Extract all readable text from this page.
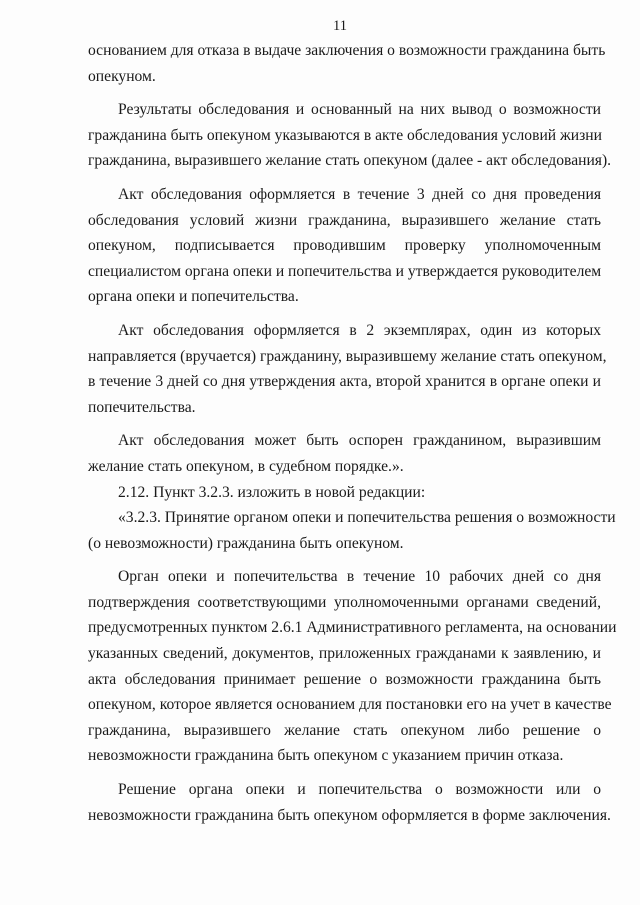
11
основанием для отказа в выдаче заключения о возможности гражданина быть
опекуном.
Результаты обследования и основанный на них вывод о возможности
гражданина быть опекуном указываются в акте обследования условий жизни
гражданина, выразившего желание стать опекуном (далее - акт обследования).
Акт обследования оформляется в течение 3 дней со дня проведения
обследования условий жизни гражданина, выразившего желание стать
опекуном, подписывается проводившим проверку уполномоченным
специалистом органа опеки и попечительства и утверждается руководителем
органа опеки и попечительства.
Акт обследования оформляется в 2 экземплярах, один из которых
направляется (вручается) гражданину, выразившему желание стать опекуном,
в течение 3 дней со дня утверждения акта, второй хранится в органе опеки и
попечительства.
Акт обследования может быть оспорен гражданином, выразившим
желание стать опекуном, в судебном порядке.».
2.12. Пункт 3.2.3. изложить в новой редакции:
«3.2.3. Принятие органом опеки и попечительства решения о возможности
(о невозможности) гражданина быть опекуном.
Орган опеки и попечительства в течение 10 рабочих дней со дня
подтверждения соответствующими уполномоченными органами сведений,
предусмотренных пунктом 2.6.1 Административного регламента, на основании
указанных сведений, документов, приложенных гражданами к заявлению, и
акта обследования принимает решение о возможности гражданина быть
опекуном, которое является основанием для постановки его на учет в качестве
гражданина, выразившего желание стать опекуном либо решение о
невозможности гражданина быть опекуном с указанием причин отказа.
Решение органа опеки и попечительства о возможности или о
невозможности гражданина быть опекуном оформляется в форме заключения.
